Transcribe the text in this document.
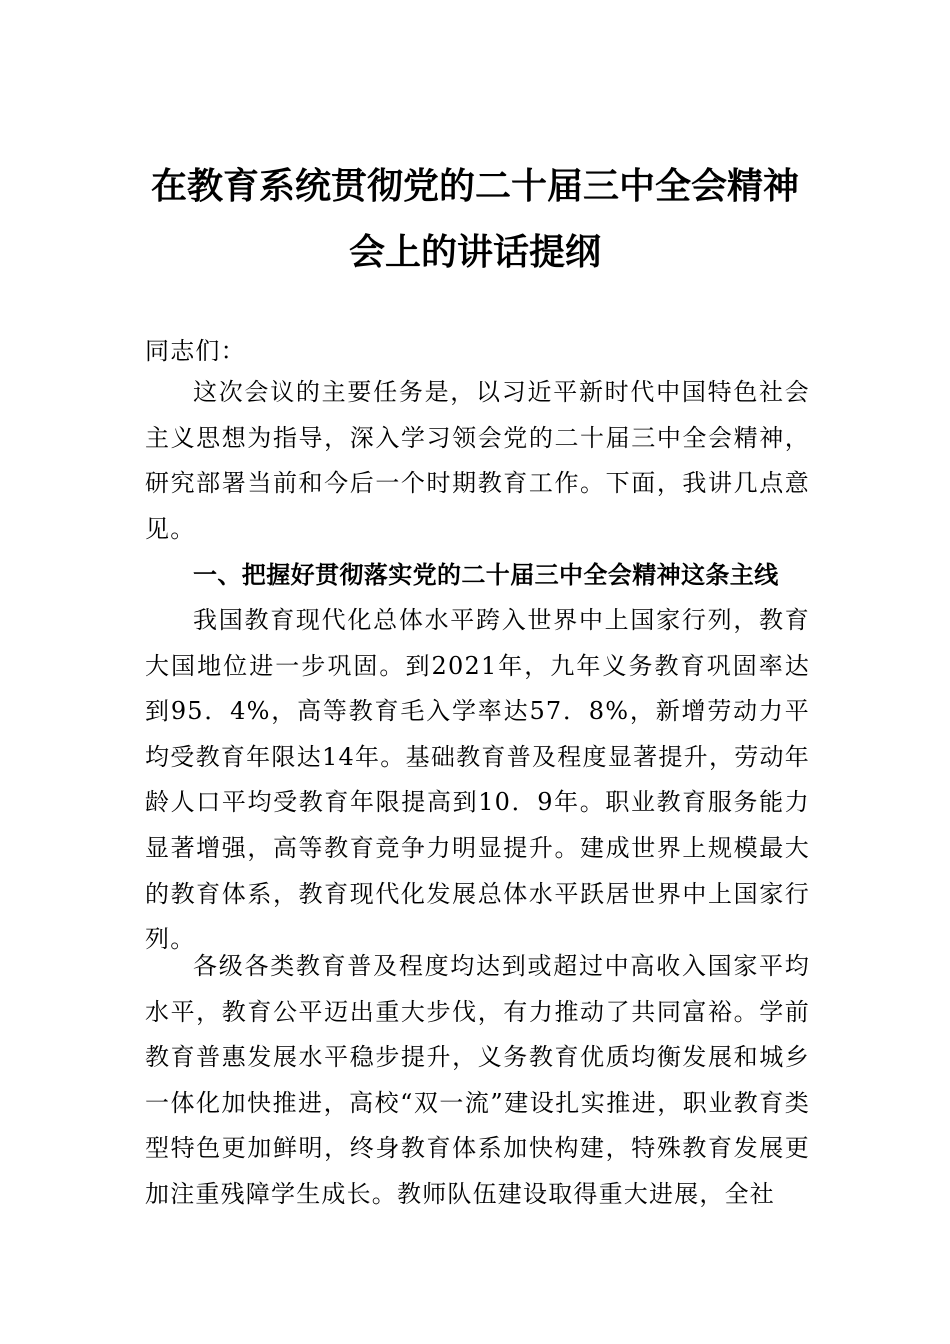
在教育系统贯彻党的二十届三中全会精神
会上的讲话提纲
同志们：

这次会议的主要任务是，以习近平新时代中国特色社会主义思想为指导，深入学习领会党的二十届三中全会精神，研究部署当前和今后一个时期教育工作。下面，我讲几点意见。

一、把握好贯彻落实党的二十届三中全会精神这条主线

我国教育现代化总体水平跨入世界中上国家行列，教育大国地位进一步巩固。到2021年，九年义务教育巩固率达到95．4%，高等教育毛入学率达57．8%，新增劳动力平均受教育年限达14年。基础教育普及程度显著提升，劳动年龄人口平均受教育年限提高到10．9年。职业教育服务能力显著增强，高等教育竞争力明显提升。建成世界上规模最大的教育体系，教育现代化发展总体水平跃居世界中上国家行列。

各级各类教育普及程度均达到或超过中高收入国家平均水平，教育公平迈出重大步伐，有力推动了共同富裕。学前教育普惠发展水平稳步提升，义务教育优质均衡发展和城乡一体化加快推进，高校“双一流”建设扎实推进，职业教育类型特色更加鲜明，终身教育体系加快构建，特殊教育发展更加注重残障学生成长。教师队伍建设取得重大进展，全社
